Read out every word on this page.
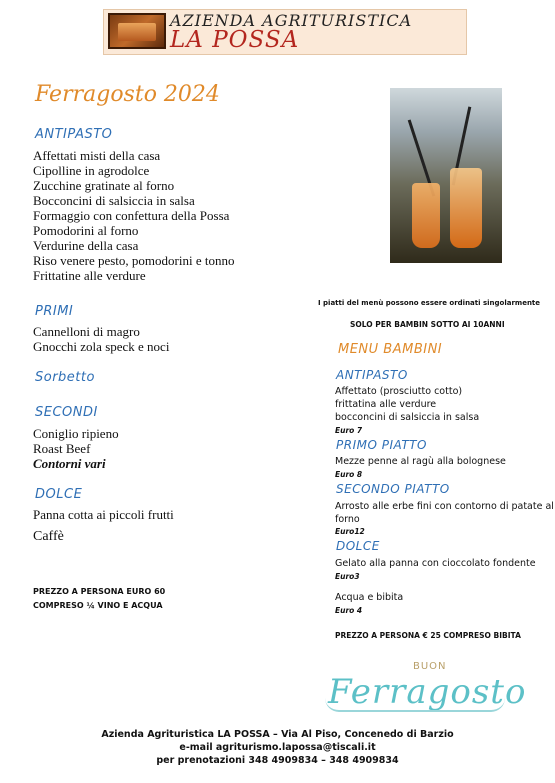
AZIENDA AGRITURISTICA
LA POSSA
Ferragosto 2024
ANTIPASTO
Affettati misti della casa
Cipolline in agrodolce
Zucchine gratinate al forno
Bocconcini di salsiccia in salsa
Formaggio con confettura della Possa
Pomodorini al forno
Verdurine della casa
Riso venere pesto, pomodorini e tonno
Frittatine alle verdure
PRIMI
Cannelloni di magro
Gnocchi zola speck e noci
Sorbetto
SECONDI
Coniglio ripieno
Roast Beef
Contorni vari
DOLCE
Panna cotta ai piccoli frutti
Caffè
PREZZO A PERSONA EURO 60
COMPRESO ¼ VINO E ACQUA
I piatti del menù possono essere ordinati singolarmente
SOLO PER BAMBIN SOTTO AI 10ANNI
MENU BAMBINI
ANTIPASTO
Affettato (prosciutto cotto)
frittatina alle verdure
bocconcini di salsiccia in salsa
Euro 7
PRIMO PIATTO
Mezze penne al ragù alla bolognese
Euro 8
SECONDO PIATTO
Arrosto alle erbe fini con contorno di patate al
forno
Euro12
DOLCE
Gelato alla panna con cioccolato fondente
Euro3
Acqua e bibita
Euro 4
PREZZO A PERSONA € 25 COMPRESO BIBITA
BUON
Ferragosto
Azienda Agrituristica LA POSSA – Via Al Piso, Concenedo di Barzio
e-mail agriturismo.lapossa@tiscali.it
per prenotazioni 348 4909834 – 348 4909834
